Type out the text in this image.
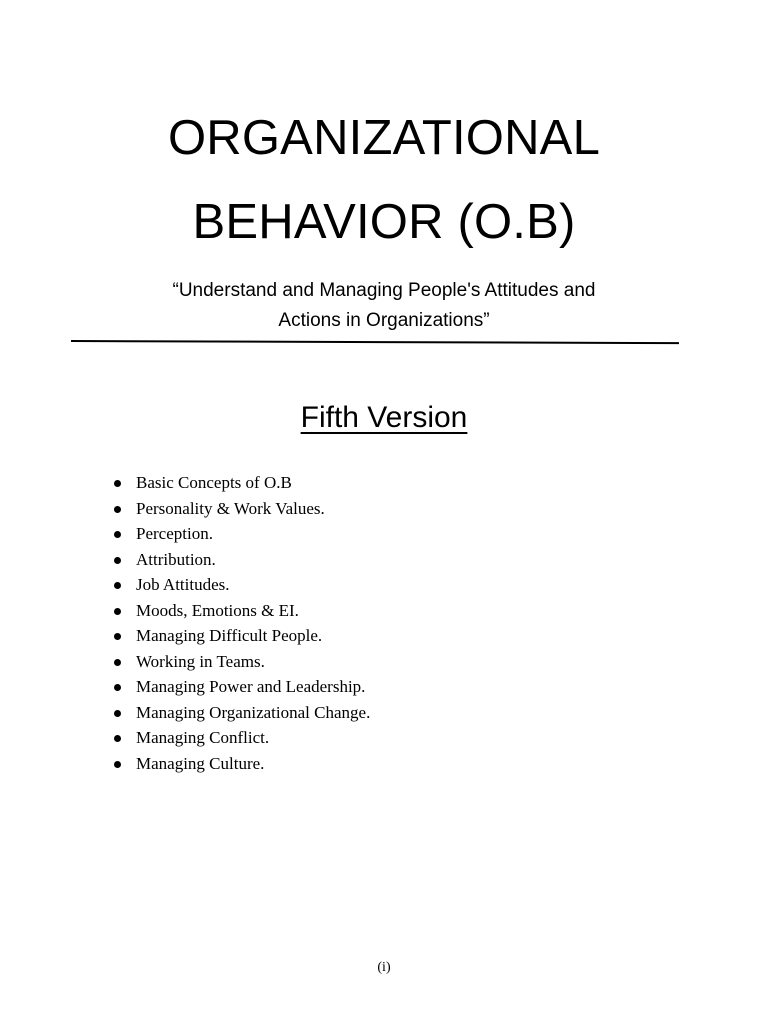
ORGANIZATIONAL
BEHAVIOR (O.B)
“Understand and Managing People's Attitudes and
Actions in Organizations”
Fifth Version
Basic Concepts of O.B
Personality & Work Values.
Perception.
Attribution.
Job Attitudes.
Moods, Emotions & EI.
Managing Difficult People.
Working in Teams.
Managing Power and Leadership.
Managing Organizational Change.
Managing Conflict.
Managing Culture.
(i)
